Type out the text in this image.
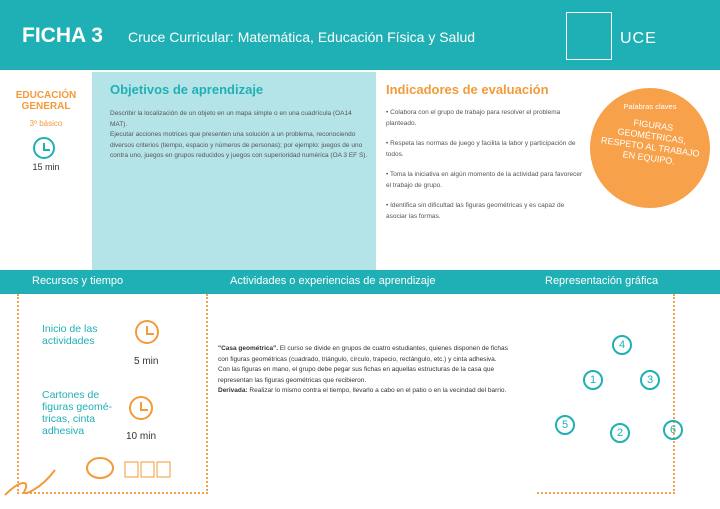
FICHA 3 Cruce Curricular: Matemática, Educación Física y Salud	UCE
EDUCACIÓN GENERAL
3º básico
15 min
Objetivos de aprendizaje

Describir la localización de un objeto en un mapa simple o en una cuadrícula (OA14 MAT).

Ejecutar acciones motrices que presenten una solución a un problema, reconociendo diversos criterios (tiempo, espacio y números de personas); por ejemplo: juegos de uno contra uno, juegos en grupos reducidos y juegos con superioridad numérica (OA 3 EF S).

Indicadores de evaluación

• Colabora con el grupo de trabajo para resolver el problema planteado.

• Respeta las normas de juego y facilita la labor y participación de todos.

• Toma la iniciativa en algún momento de la actividad para favorecer el trabajo de grupo.

• Identifica sin dificultad las figuras geométricas y es capaz de asociar las formas.

Palabras claves
FIGURAS GEOMÉTRICAS, RESPETO AL TRABAJO EN EQUIPO.
Recursos y tiempo	Actividades o experiencias de aprendizaje	Representación gráfica
Inicio de las actividades
5 min
Cartones de figuras geomé-tricas, cinta adhesiva	10 min
"Casa geométrica". El curso se divide en grupos de cuatro estudiantes, quienes disponen de fichas con figuras geométricas (cuadrado, triángulo, círculo, trapecio, rectángulo, etc.) y cinta adhesiva. Con las figuras en mano, el grupo debe pegar sus fichas en aquellas estructuras de la casa que representan las figuras geométricas que recibieron.
Derivada: Realizar lo mismo contra el tiempo, llevarlo a cabo en el patio o en la vecindad del barrio.
4
1	3
5
2	6
